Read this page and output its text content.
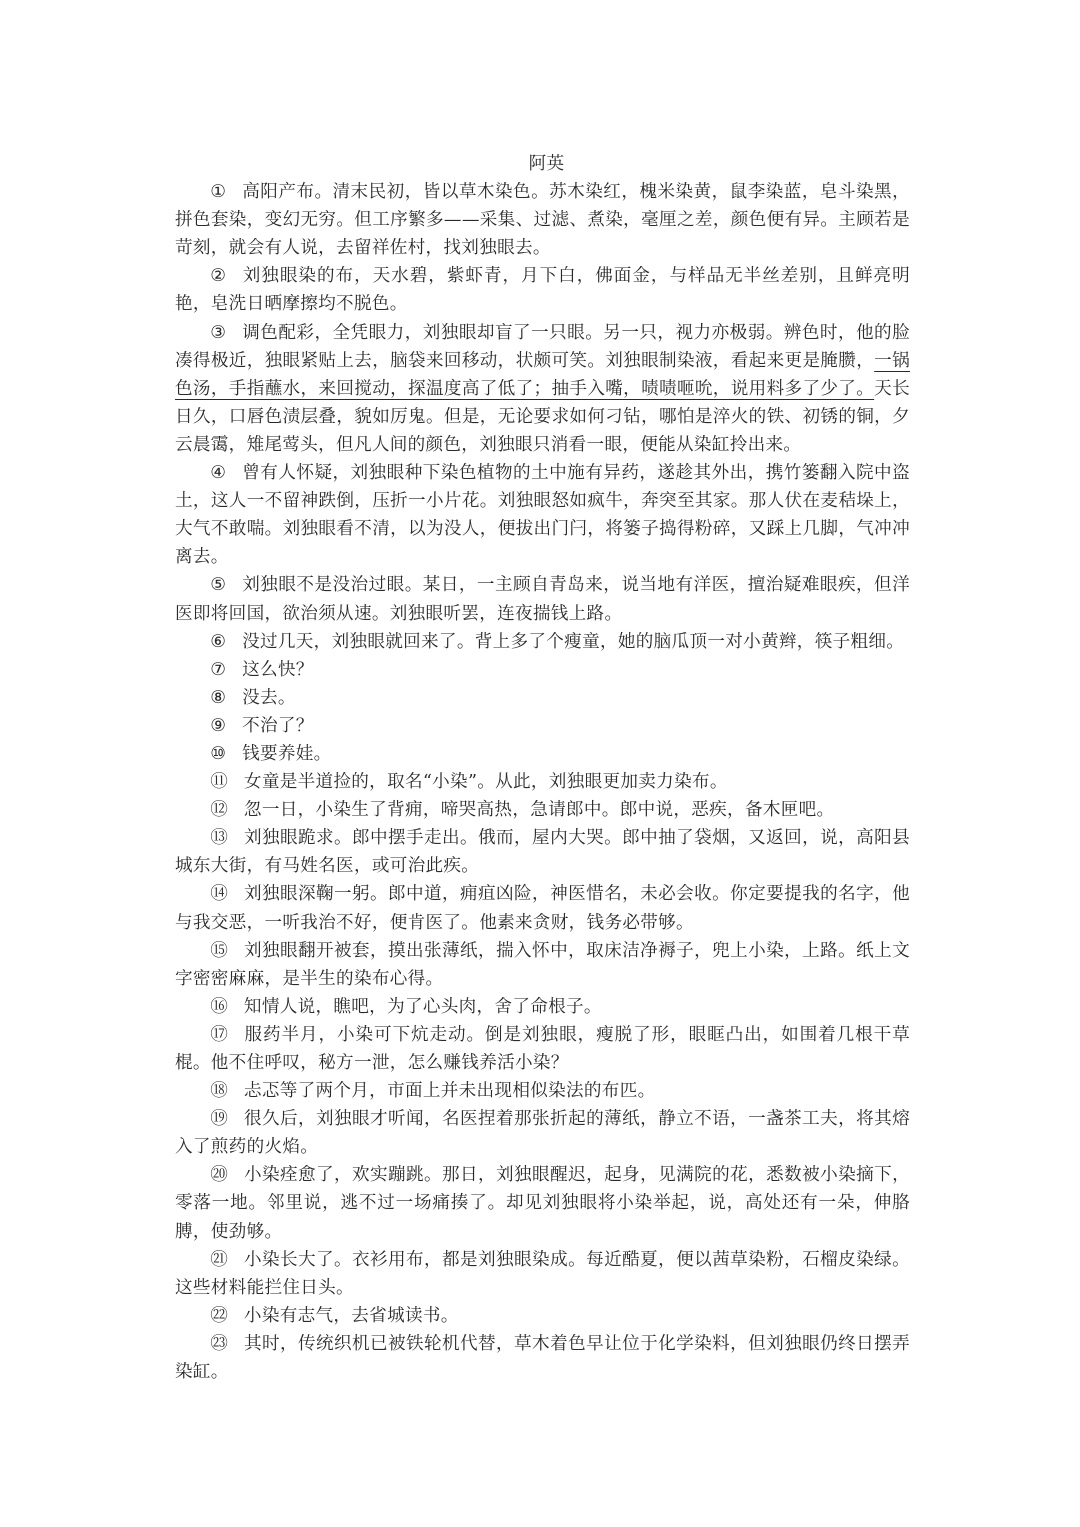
阿英

① 高阳产布。清末民初，皆以草木染色。苏木染红，槐米染黄，鼠李染蓝，皂斗染黑，拼色套染，变幻无穷。但工序繁多——采集、过滤、煮染，毫厘之差，颜色便有异。主顾若是苛刻，就会有人说，去留祥佐村，找刘独眼去。

② 刘独眼染的布，天水碧，紫虾青，月下白，佛面金，与样品无半丝差别，且鲜亮明艳，皂洗日晒摩擦均不脱色。

③ 调色配彩，全凭眼力，刘独眼却盲了一只眼。另一只，视力亦极弱。辨色时，他的脸凑得极近，独眼紧贴上去，脑袋来回移动，状颇可笑。刘独眼制染液，看起来更是腌臜，一锅色汤，手指蘸水，来回搅动，探温度高了低了；抽手入嘴，啧啧咂吮，说用料多了少了。天长日久，口唇色渍层叠，貌如厉鬼。但是，无论要求如何刁钻，哪怕是淬火的铁、初锈的铜，夕云晨霭，雉尾莺头，但凡人间的颜色，刘独眼只消看一眼，便能从染缸拎出来。

④ 曾有人怀疑，刘独眼种下染色植物的土中施有异药，遂趁其外出，携竹篓翻入院中盗土，这人一不留神跌倒，压折一小片花。刘独眼怒如疯牛，奔突至其家。那人伏在麦秸垛上，大气不敢喘。刘独眼看不清，以为没人，便拔出门闩，将篓子捣得粉碎，又踩上几脚，气冲冲离去。

⑤ 刘独眼不是没治过眼。某日，一主顾自青岛来，说当地有洋医，擅治疑难眼疾，但洋医即将回国，欲治须从速。刘独眼听罢，连夜揣钱上路。

⑥ 没过几天，刘独眼就回来了。背上多了个瘦童，她的脑瓜顶一对小黄辫，筷子粗细。

⑦ 这么快？

⑧ 没去。

⑨ 不治了？

⑩ 钱要养娃。

⑪ 女童是半道捡的，取名“小染”。从此，刘独眼更加卖力染布。

⑫ 忽一日，小染生了背痈，啼哭高热，急请郎中。郎中说，恶疾，备木匣吧。

⑬ 刘独眼跪求。郎中摆手走出。俄而，屋内大哭。郎中抽了袋烟，又返回，说，高阳县城东大街，有马姓名医，或可治此疾。

⑭ 刘独眼深鞠一躬。郎中道，痈疽凶险，神医惜名，未必会收。你定要提我的名字，他与我交恶，一听我治不好，便肯医了。他素来贪财，钱务必带够。

⑮ 刘独眼翻开被套，摸出张薄纸，揣入怀中，取床洁净褥子，兜上小染，上路。纸上文字密密麻麻，是半生的染布心得。

⑯ 知情人说，瞧吧，为了心头肉，舍了命根子。

⑰ 服药半月，小染可下炕走动。倒是刘独眼，瘦脱了形，眼眶凸出，如围着几根干草棍。他不住呼叹，秘方一泄，怎么赚钱养活小染？

⑱ 忐忑等了两个月，市面上并未出现相似染法的布匹。

⑲ 很久后，刘独眼才听闻，名医捏着那张折起的薄纸，静立不语，一盏茶工夫，将其熔入了煎药的火焰。

⑳ 小染痊愈了，欢实蹦跳。那日，刘独眼醒迟，起身，见满院的花，悉数被小染摘下，零落一地。邻里说，逃不过一场痛揍了。却见刘独眼将小染举起，说，高处还有一朵，伸胳膊，使劲够。

㉑ 小染长大了。衣衫用布，都是刘独眼染成。每近酷夏，便以茜草染粉，石榴皮染绿。这些材料能拦住日头。

㉒ 小染有志气，去省城读书。

㉓ 其时，传统织机已被铁轮机代替，草木着色早让位于化学染料，但刘独眼仍终日摆弄染缸。
